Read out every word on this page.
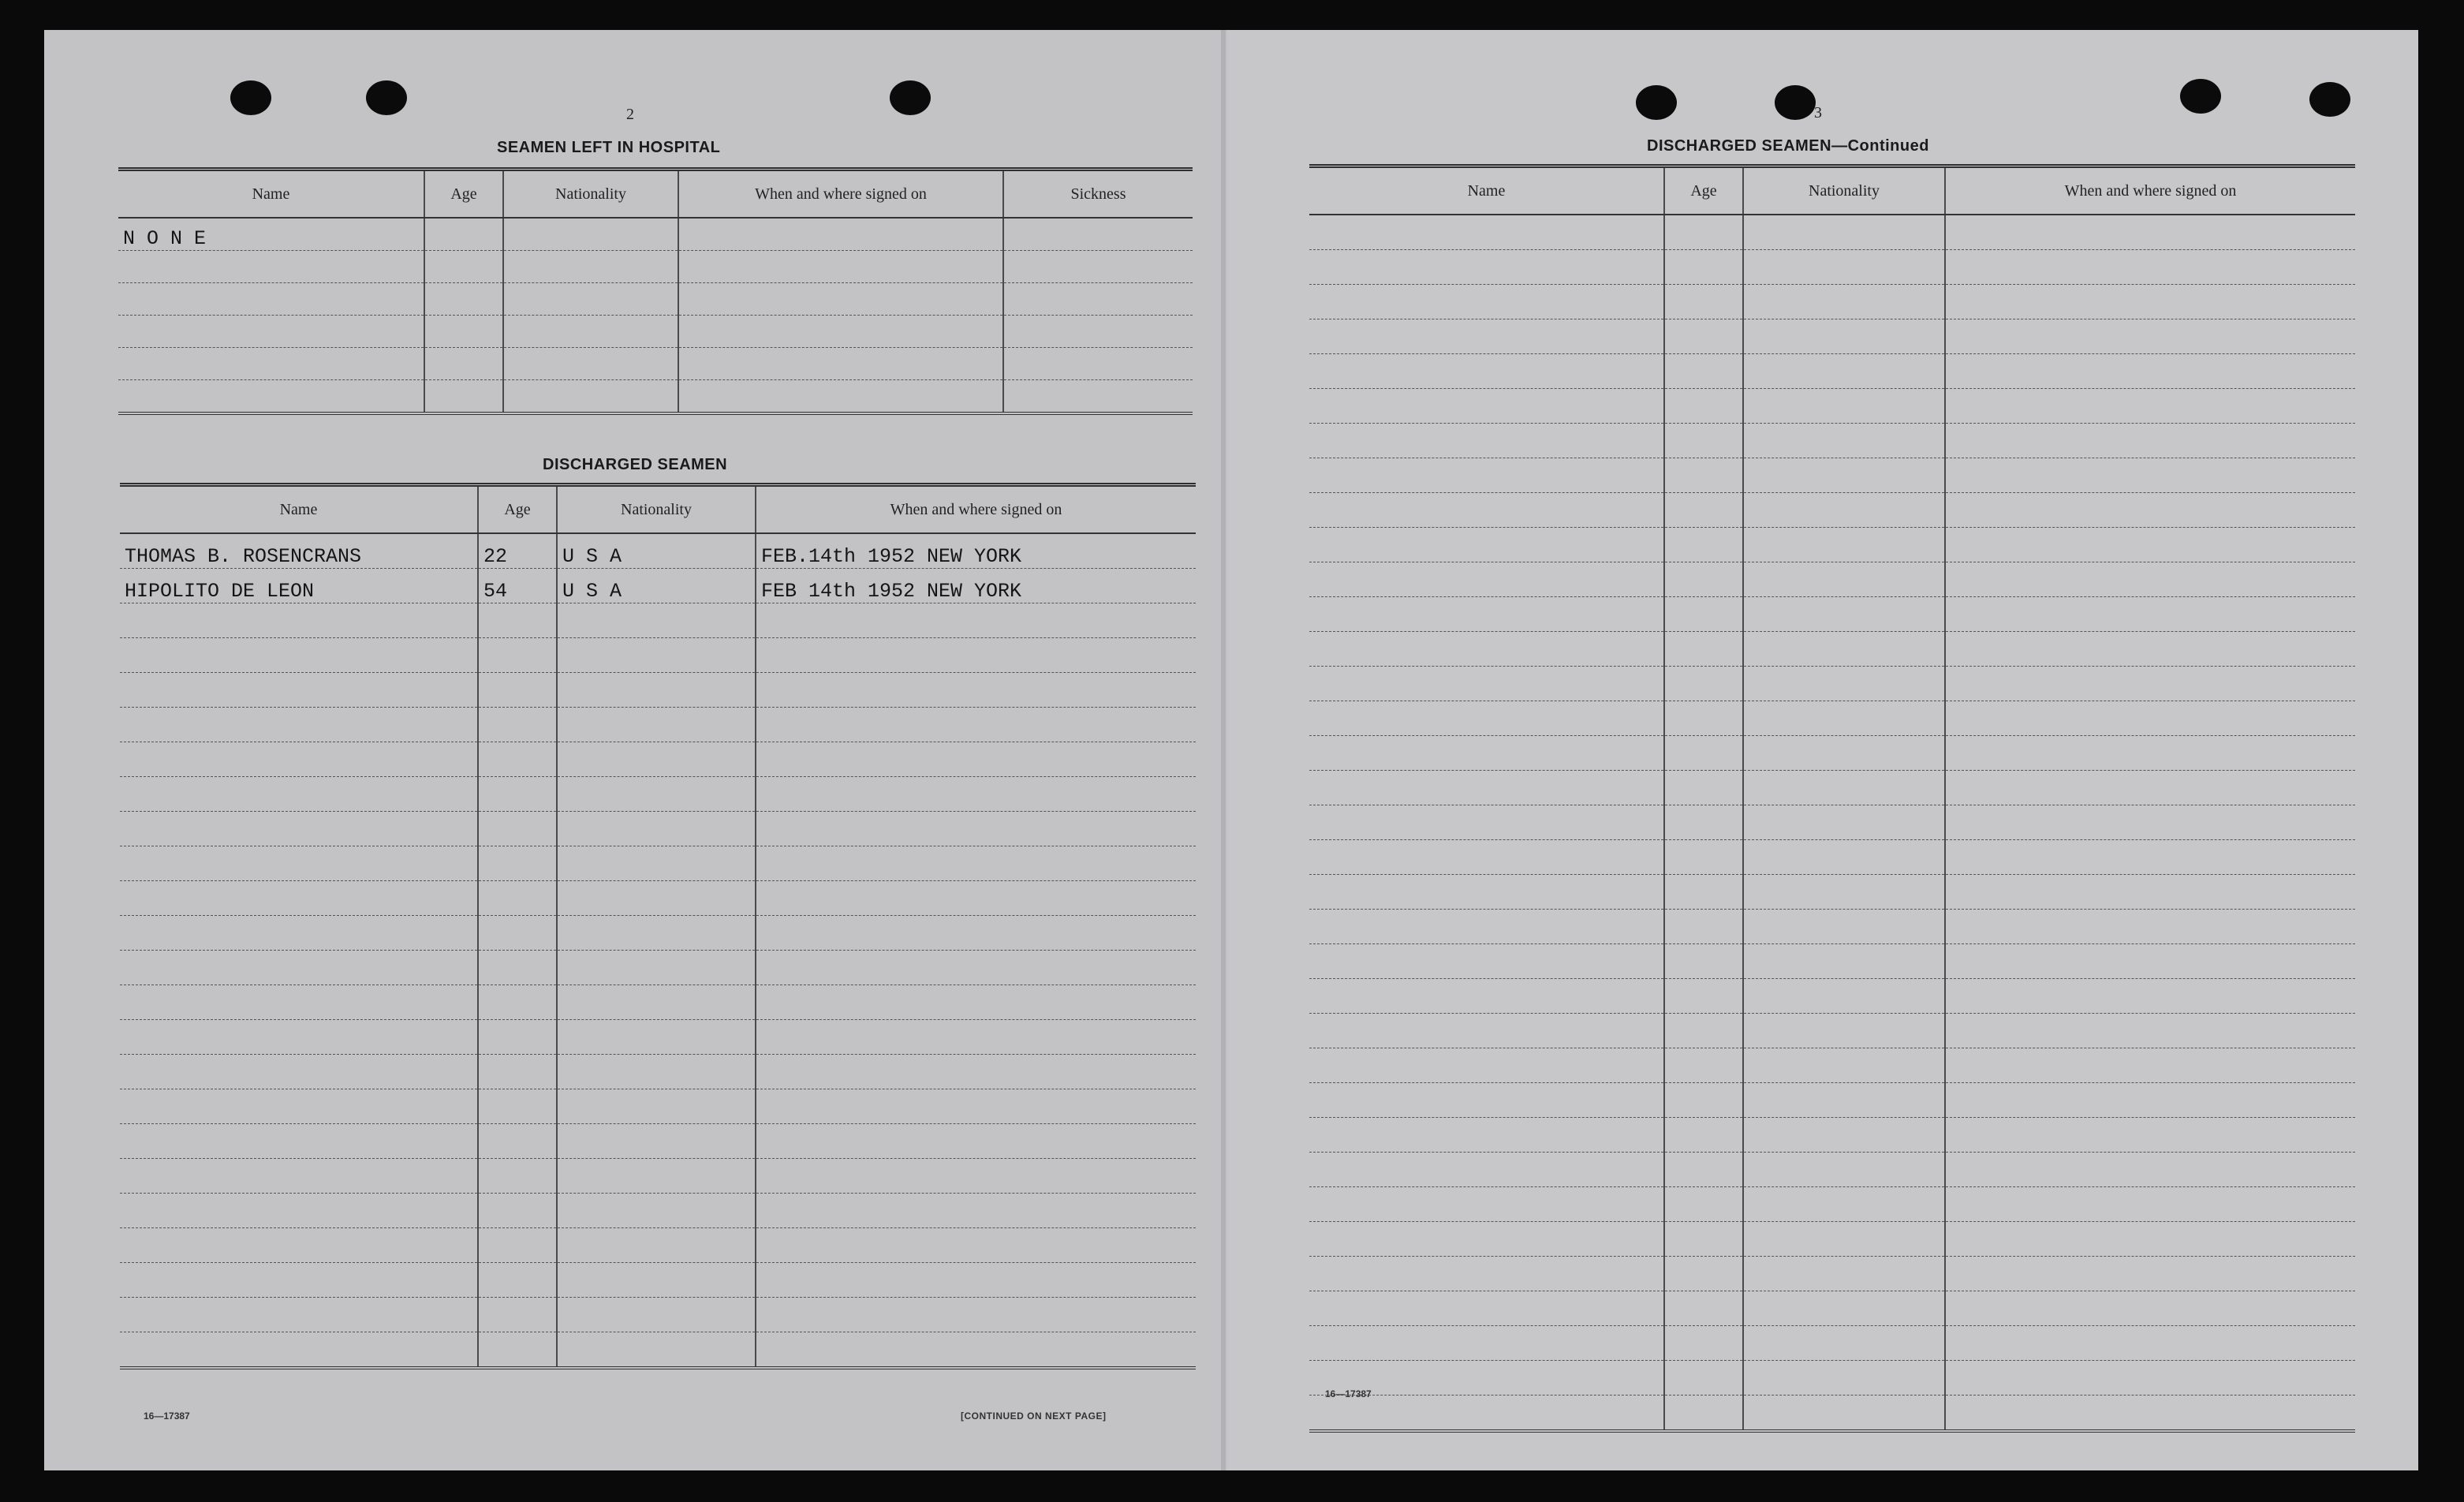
2
SEAMEN LEFT IN HOSPITAL
Name	Age	Nationality	When and where signed on	Sickness
N O N E				

DISCHARGED SEAMEN
Name	Age	Nationality	When and where signed on
THOMAS B. ROSENCRANS	22	U S A	FEB.14th 1952 NEW YORK
HIPOLITO DE LEON	54	U S A	FEB 14th 1952 NEW YORK

16—17387	[CONTINUED ON NEXT PAGE]
3
DISCHARGED SEAMEN—Continued
Name	Age	Nationality	When and where signed on

16—17387
